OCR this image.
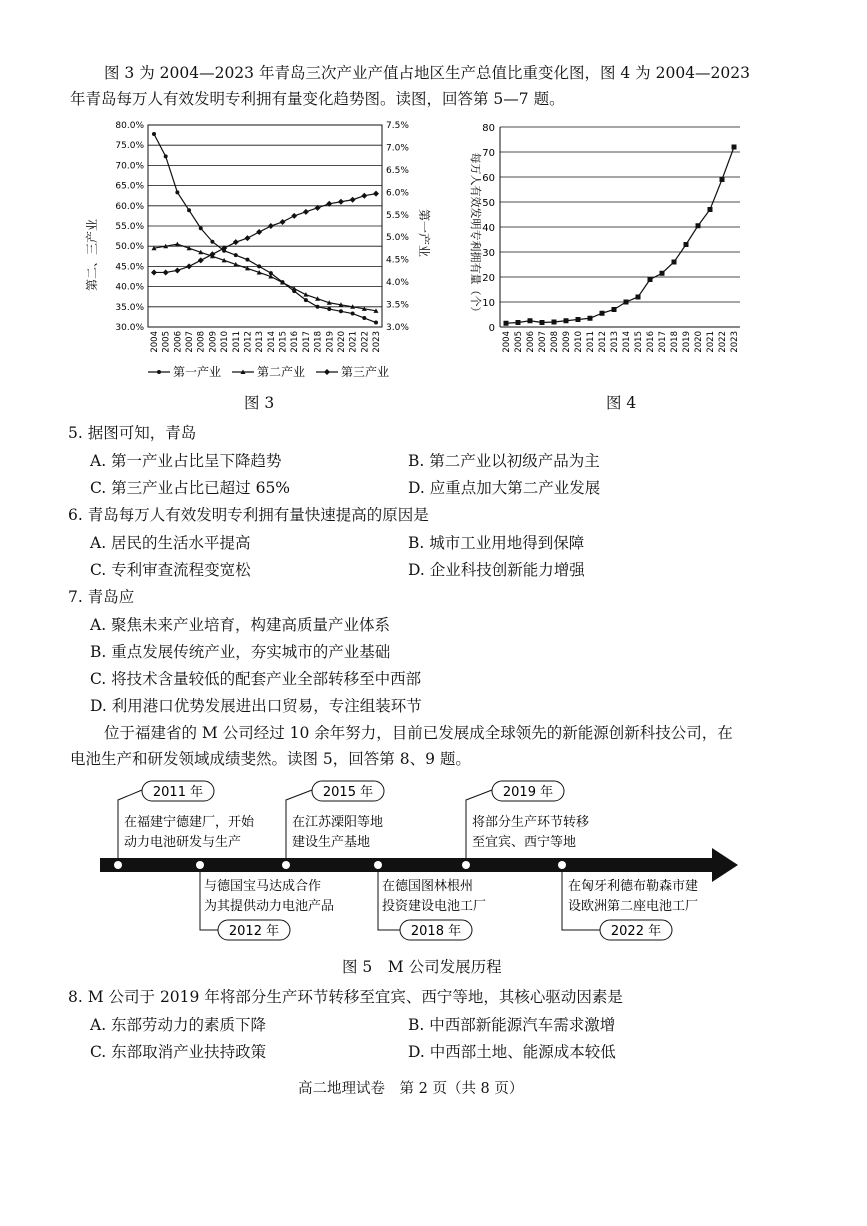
图 3 为 2004—2023 年青岛三次产业产值占地区生产总值比重变化图，图 4 为 2004—2023
年青岛每万人有效发明专利拥有量变化趋势图。读图，回答第 5—7 题。
80.0%
75.0%
70.0%
65.0%
60.0%
55.0%
50.0%
45.0%
40.0%
35.0%
30.0%
7.5%
7.0%
6.5%
6.0%
5.5%
5.0%
4.5%
4.0%
3.5%
3.0%
2004 2005 2006 2007 2008 2009 2010 2011 2012 2013 2014 2015 2016 2017 2018 2019 2020 2021 2022 2023
第二、三产业	第一产业
第一产业	第二产业	第三产业
图 3
0
10
20
30
40
50
60
70
80
2004 2005 2006 2007 2008 2009 2010 2011 2012 2013 2014 2015 2016 2017 2018 2019 2020 2021 2022 2023
每万人有效发明专利拥有量（个）
图 4
5. 据图可知，青岛
A. 第一产业占比呈下降趋势	B. 第二产业以初级产品为主
C. 第三产业占比已超过 65%	D. 应重点加大第二产业发展
6. 青岛每万人有效发明专利拥有量快速提高的原因是
A. 居民的生活水平提高	B. 城市工业用地得到保障
C. 专利审查流程变宽松	D. 企业科技创新能力增强
7. 青岛应
A. 聚焦未来产业培育，构建高质量产业体系
B. 重点发展传统产业，夯实城市的产业基础
C. 将技术含量较低的配套产业全部转移至中西部
D. 利用港口优势发展进出口贸易，专注组装环节
位于福建省的 M 公司经过 10 余年努力，目前已发展成全球领先的新能源创新科技公司，在
电池生产和研发领域成绩斐然。读图 5，回答第 8、9 题。
2011 年	2015 年	2019 年
2012 年	2018 年	2022 年
在福建宁德建厂，开始
动力电池研发与生产
在江苏溧阳等地
建设生产基地
将部分生产环节转移
至宜宾、西宁等地
与德国宝马达成合作
为其提供动力电池产品
在德国图林根州
投资建设电池工厂
在匈牙利德布勒森市建
设欧洲第二座电池工厂
图 5　M 公司发展历程
8. M 公司于 2019 年将部分生产环节转移至宜宾、西宁等地，其核心驱动因素是
A. 东部劳动力的素质下降	B. 中西部新能源汽车需求激增
C. 东部取消产业扶持政策	D. 中西部土地、能源成本较低
高二地理试卷　第 2 页（共 8 页）
